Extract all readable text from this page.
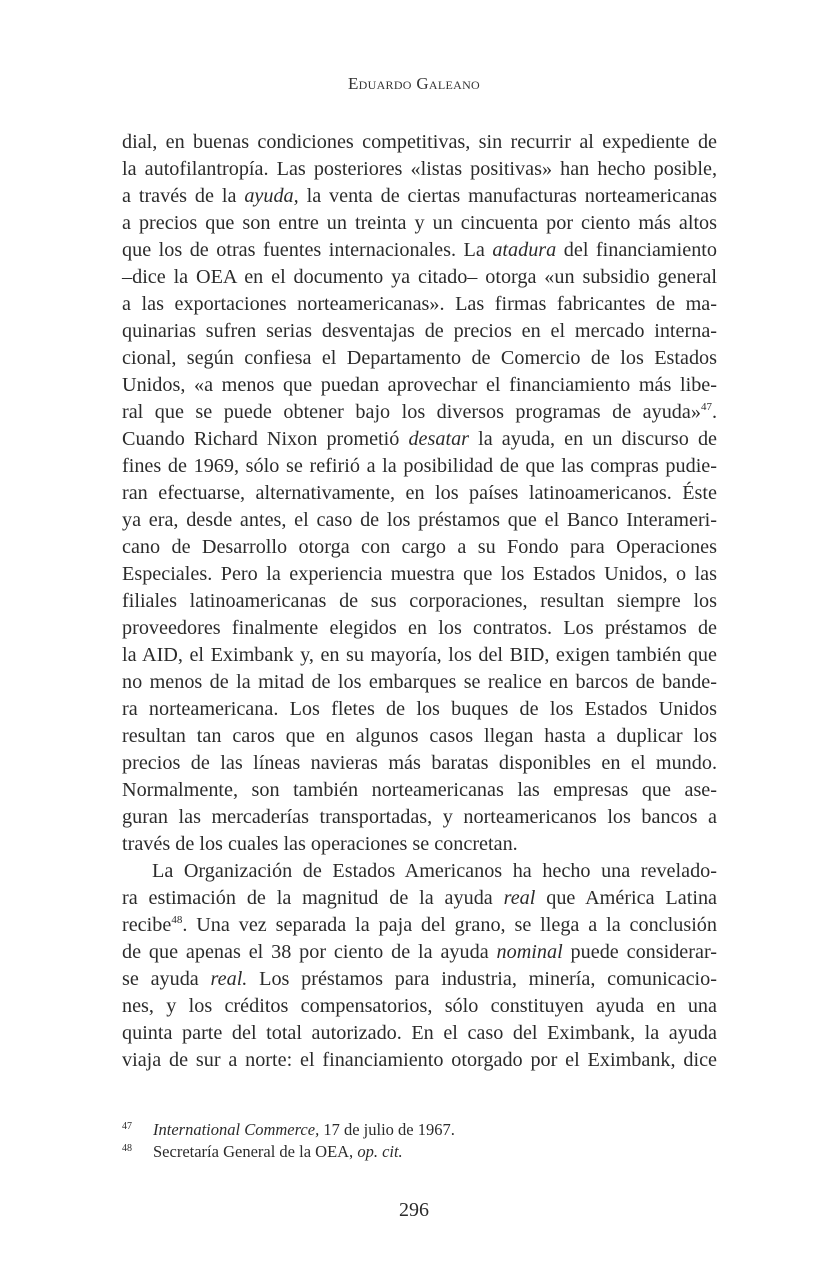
Eduardo Galeano
dial, en buenas condiciones competitivas, sin recurrir al expediente de
la autofilantropía. Las posteriores «listas positivas» han hecho posible,
a través de la ayuda, la venta de ciertas manufacturas norteamericanas
a precios que son entre un treinta y un cincuenta por ciento más altos
que los de otras fuentes internacionales. La atadura del financiamiento
–dice la OEA en el documento ya citado– otorga «un subsidio general
a las exportaciones norteamericanas». Las firmas fabricantes de ma-
quinarias sufren serias desventajas de precios en el mercado interna-
cional, según confiesa el Departamento de Comercio de los Estados
Unidos, «a menos que puedan aprovechar el financiamiento más libe-
ral que se puede obtener bajo los diversos programas de ayuda»$^{47}$.
Cuando Richard Nixon prometió desatar la ayuda, en un discurso de
fines de 1969, sólo se refirió a la posibilidad de que las compras pudie-
ran efectuarse, alternativamente, en los países latinoamericanos. Éste
ya era, desde antes, el caso de los préstamos que el Banco Interameri-
cano de Desarrollo otorga con cargo a su Fondo para Operaciones
Especiales. Pero la experiencia muestra que los Estados Unidos, o las
filiales latinoamericanas de sus corporaciones, resultan siempre los
proveedores finalmente elegidos en los contratos. Los préstamos de
la AID, el Eximbank y, en su mayoría, los del BID, exigen también que
no menos de la mitad de los embarques se realice en barcos de bande-
ra norteamericana. Los fletes de los buques de los Estados Unidos
resultan tan caros que en algunos casos llegan hasta a duplicar los
precios de las líneas navieras más baratas disponibles en el mundo.
Normalmente, son también norteamericanas las empresas que ase-
guran las mercaderías transportadas, y norteamericanos los bancos a
través de los cuales las operaciones se concretan.
La Organización de Estados Americanos ha hecho una revelado-
ra estimación de la magnitud de la ayuda real que América Latina
recibe$^{48}$. Una vez separada la paja del grano, se llega a la conclusión
de que apenas el 38 por ciento de la ayuda nominal puede considerar-
se ayuda real. Los préstamos para industria, minería, comunicacio-
nes, y los créditos compensatorios, sólo constituyen ayuda en una
quinta parte del total autorizado. En el caso del Eximbank, la ayuda
viaja de sur a norte: el financiamiento otorgado por el Eximbank, dice
47 International Commerce, 17 de julio de 1967.
48 Secretaría General de la OEA, op. cit.
296
